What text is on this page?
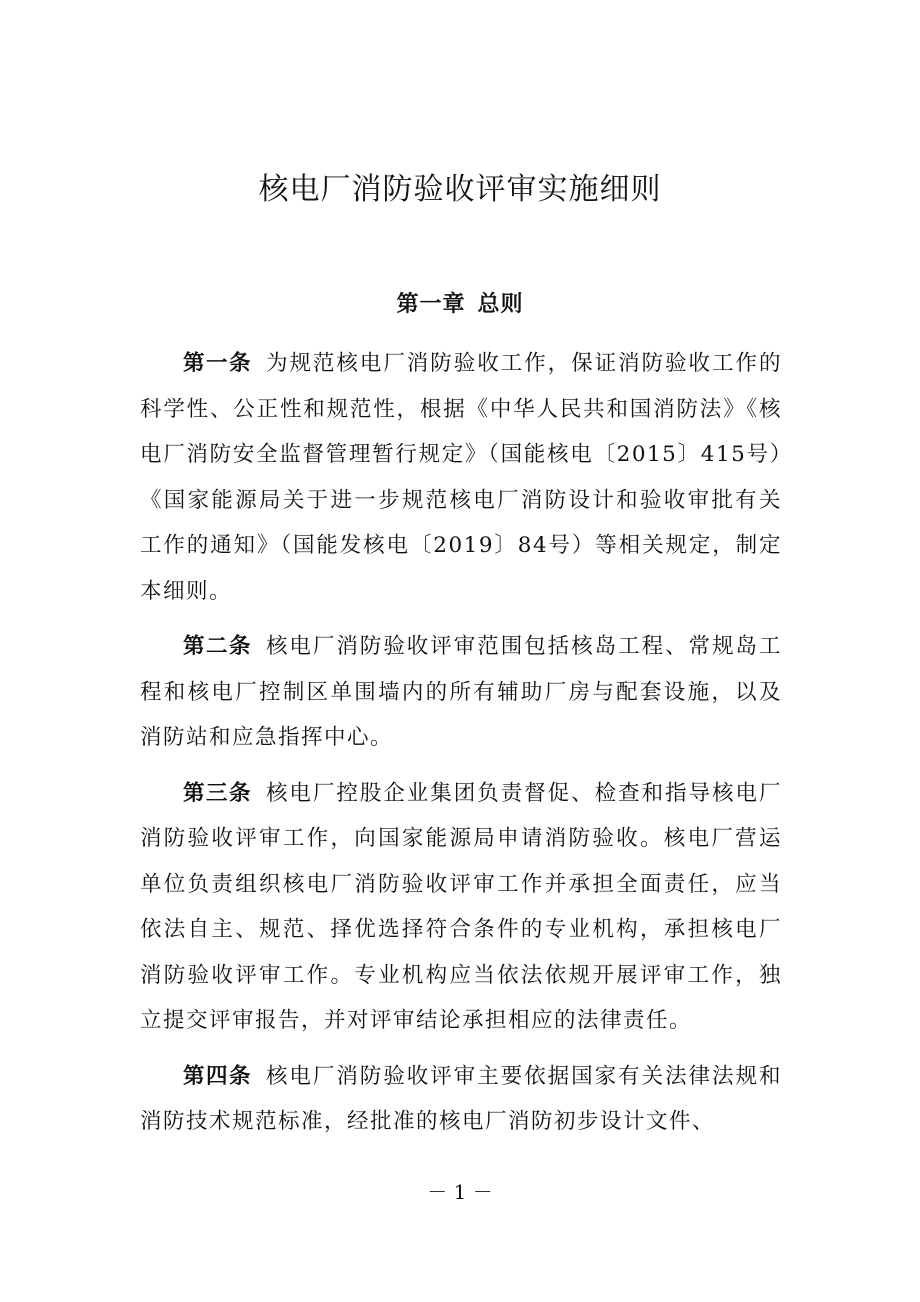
核电厂消防验收评审实施细则
第一章 总则

第一条 为规范核电厂消防验收工作，保证消防验收工作的科学性、公正性和规范性，根据《中华人民共和国消防法》《核电厂消防安全监督管理暂行规定》（国能核电〔2015〕415号）《国家能源局关于进一步规范核电厂消防设计和验收审批有关工作的通知》（国能发核电〔2019〕84号）等相关规定，制定本细则。

第二条 核电厂消防验收评审范围包括核岛工程、常规岛工程和核电厂控制区单围墙内的所有辅助厂房与配套设施，以及消防站和应急指挥中心。

第三条 核电厂控股企业集团负责督促、检查和指导核电厂消防验收评审工作，向国家能源局申请消防验收。核电厂营运单位负责组织核电厂消防验收评审工作并承担全面责任，应当依法自主、规范、择优选择符合条件的专业机构，承担核电厂消防验收评审工作。专业机构应当依法依规开展评审工作，独立提交评审报告，并对评审结论承担相应的法律责任。

第四条 核电厂消防验收评审主要依据国家有关法律法规和消防技术规范标准，经批准的核电厂消防初步设计文件、

－ 1 －
